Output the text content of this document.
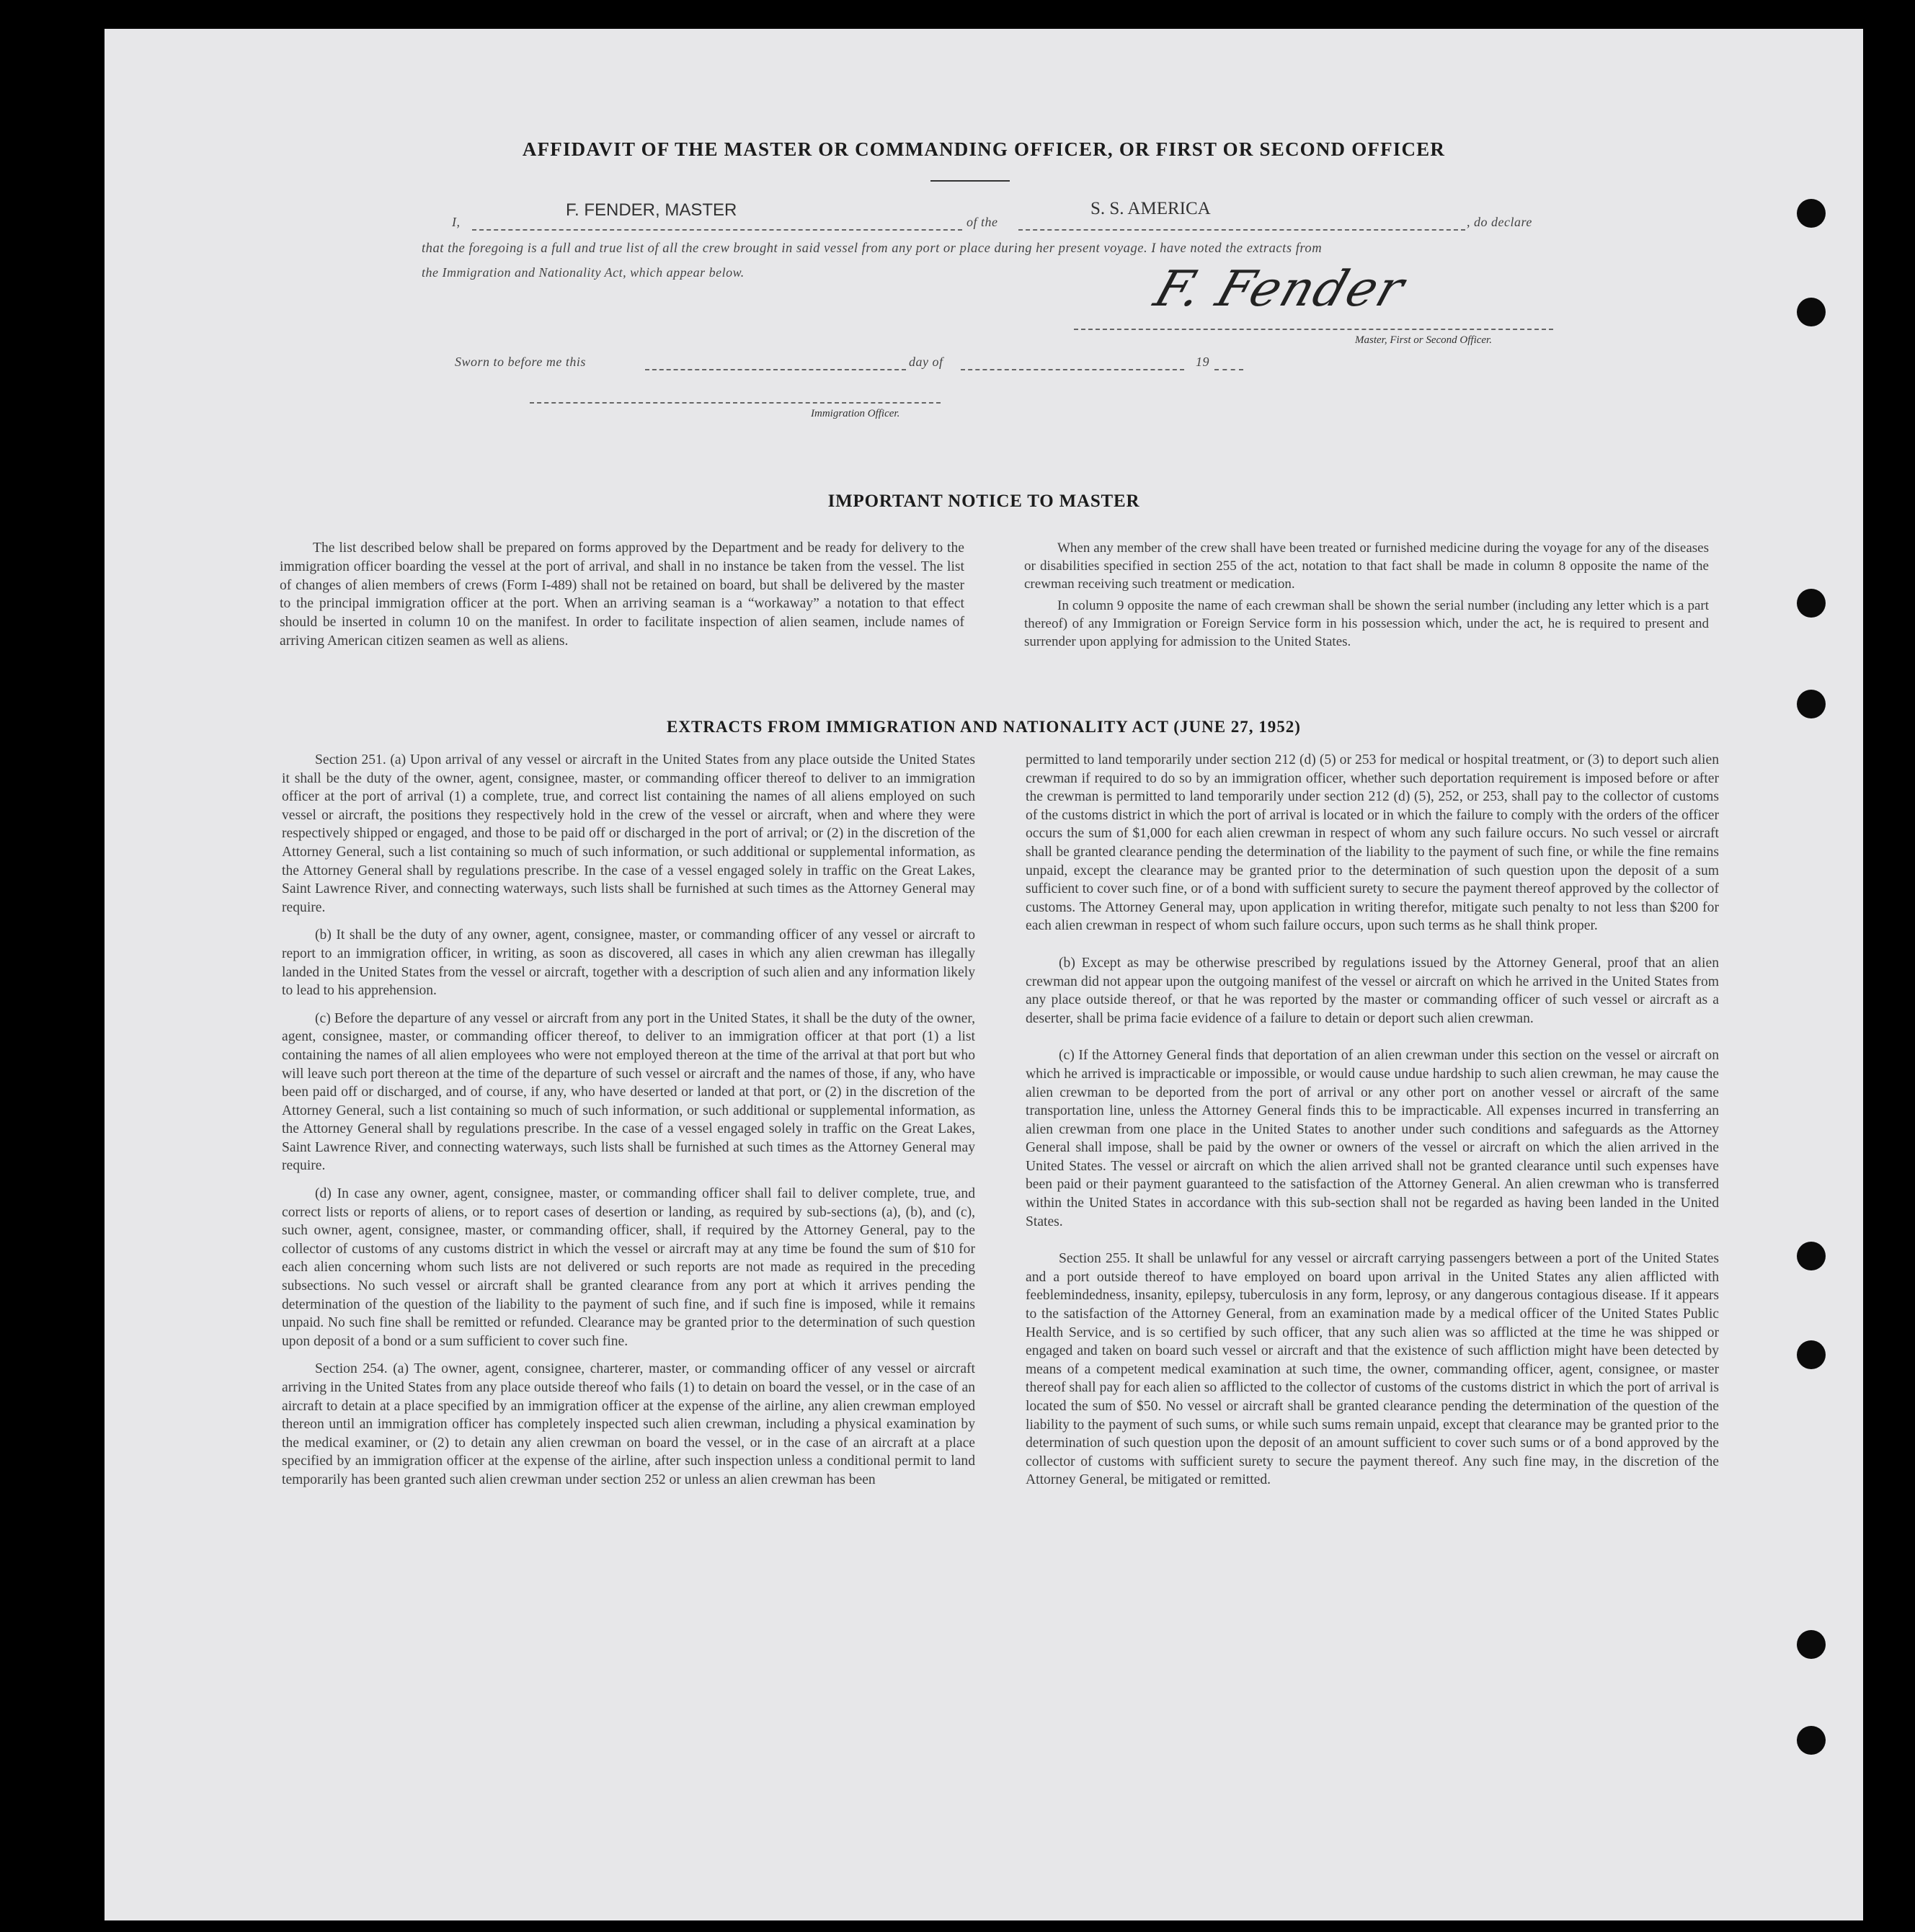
AFFIDAVIT OF THE MASTER OR COMMANDING OFFICER, OR FIRST OR SECOND OFFICER
I,
F. FENDER, MASTER
of the
S. S. AMERICA
, do declare
that the foregoing is a full and true list of all the crew brought in said vessel from any port or place during her present voyage. I have noted the extracts from
the Immigration and Nationality Act, which appear below.	F. Fender
Master, First or Second Officer.
Sworn to before me this	day of	19
Immigration Officer.
IMPORTANT NOTICE TO MASTER

The list described below shall be prepared on forms approved by the Department and be ready for delivery to the immigration officer boarding the vessel at the port of arrival, and shall in no instance be taken from the vessel. The list of changes of alien members of crews (Form I-489) shall not be retained on board, but shall be delivered by the master to the principal immigration officer at the port. When an arriving seaman is a “workaway” a notation to that effect should be inserted in column 10 on the manifest. In order to facilitate inspection of alien seamen, include names of arriving American citizen seamen as well as aliens.

When any member of the crew shall have been treated or furnished medicine during the voyage for any of the diseases or disabilities specified in section 255 of the act, notation to that fact shall be made in column 8 opposite the name of the crewman receiving such treatment or medication.

In column 9 opposite the name of each crewman shall be shown the serial number (including any letter which is a part thereof) of any Immigration or Foreign Service form in his possession which, under the act, he is required to present and surrender upon applying for admission to the United States.

EXTRACTS FROM IMMIGRATION AND NATIONALITY ACT (JUNE 27, 1952)

Section 251. (a) Upon arrival of any vessel or aircraft in the United States from any place outside the United States it shall be the duty of the owner, agent, consignee, master, or commanding officer thereof to deliver to an immigration officer at the port of arrival (1) a complete, true, and correct list containing the names of all aliens employed on such vessel or aircraft, the positions they respectively hold in the crew of the vessel or aircraft, when and where they were respectively shipped or engaged, and those to be paid off or discharged in the port of arrival; or (2) in the discretion of the Attorney General, such a list containing so much of such information, or such additional or supplemental information, as the Attorney General shall by regulations prescribe. In the case of a vessel engaged solely in traffic on the Great Lakes, Saint Lawrence River, and connecting waterways, such lists shall be furnished at such times as the Attorney General may require.

(b) It shall be the duty of any owner, agent, consignee, master, or commanding officer of any vessel or aircraft to report to an immigration officer, in writing, as soon as discovered, all cases in which any alien crewman has illegally landed in the United States from the vessel or aircraft, together with a description of such alien and any information likely to lead to his apprehension.

(c) Before the departure of any vessel or aircraft from any port in the United States, it shall be the duty of the owner, agent, consignee, master, or commanding officer thereof, to deliver to an immigration officer at that port (1) a list containing the names of all alien employees who were not employed thereon at the time of the arrival at that port but who will leave such port thereon at the time of the departure of such vessel or aircraft and the names of those, if any, who have been paid off or discharged, and of course, if any, who have deserted or landed at that port, or (2) in the discretion of the Attorney General, such a list containing so much of such information, or such additional or supplemental information, as the Attorney General shall by regulations prescribe. In the case of a vessel engaged solely in traffic on the Great Lakes, Saint Lawrence River, and connecting waterways, such lists shall be furnished at such times as the Attorney General may require.

(d) In case any owner, agent, consignee, master, or commanding officer shall fail to deliver complete, true, and correct lists or reports of aliens, or to report cases of desertion or landing, as required by sub-sections (a), (b), and (c), such owner, agent, consignee, master, or commanding officer, shall, if required by the Attorney General, pay to the collector of customs of any customs district in which the vessel or aircraft may at any time be found the sum of $10 for each alien concerning whom such lists are not delivered or such reports are not made as required in the preceding subsections. No such vessel or aircraft shall be granted clearance from any port at which it arrives pending the determination of the question of the liability to the payment of such fine, and if such fine is imposed, while it remains unpaid. No such fine shall be remitted or refunded. Clearance may be granted prior to the determination of such question upon deposit of a bond or a sum sufficient to cover such fine.

Section 254. (a) The owner, agent, consignee, charterer, master, or commanding officer of any vessel or aircraft arriving in the United States from any place outside thereof who fails (1) to detain on board the vessel, or in the case of an aircraft to detain at a place specified by an immigration officer at the expense of the airline, any alien crewman employed thereon until an immigration officer has completely inspected such alien crewman, including a physical examination by the medical examiner, or (2) to detain any alien crewman on board the vessel, or in the case of an aircraft at a place specified by an immigration officer at the expense of the airline, after such inspection unless a conditional permit to land temporarily has been granted such alien crewman under section 252 or unless an alien crewman has been

permitted to land temporarily under section 212 (d) (5) or 253 for medical or hospital treatment, or (3) to deport such alien crewman if required to do so by an immigration officer, whether such deportation requirement is imposed before or after the crewman is permitted to land temporarily under section 212 (d) (5), 252, or 253, shall pay to the collector of customs of the customs district in which the port of arrival is located or in which the failure to comply with the orders of the officer occurs the sum of $1,000 for each alien crewman in respect of whom any such failure occurs. No such vessel or aircraft shall be granted clearance pending the determination of the liability to the payment of such fine, or while the fine remains unpaid, except the clearance may be granted prior to the determination of such question upon the deposit of a sum sufficient to cover such fine, or of a bond with sufficient surety to secure the payment thereof approved by the collector of customs. The Attorney General may, upon application in writing therefor, mitigate such penalty to not less than $200 for each alien crewman in respect of whom such failure occurs, upon such terms as he shall think proper.

(b) Except as may be otherwise prescribed by regulations issued by the Attorney General, proof that an alien crewman did not appear upon the outgoing manifest of the vessel or aircraft on which he arrived in the United States from any place outside thereof, or that he was reported by the master or commanding officer of such vessel or aircraft as a deserter, shall be prima facie evidence of a failure to detain or deport such alien crewman.

(c) If the Attorney General finds that deportation of an alien crewman under this section on the vessel or aircraft on which he arrived is impracticable or impossible, or would cause undue hardship to such alien crewman, he may cause the alien crewman to be deported from the port of arrival or any other port on another vessel or aircraft of the same transportation line, unless the Attorney General finds this to be impracticable. All expenses incurred in transferring an alien crewman from one place in the United States to another under such conditions and safeguards as the Attorney General shall impose, shall be paid by the owner or owners of the vessel or aircraft on which the alien arrived in the United States. The vessel or aircraft on which the alien arrived shall not be granted clearance until such expenses have been paid or their payment guaranteed to the satisfaction of the Attorney General. An alien crewman who is transferred within the United States in accordance with this sub-section shall not be regarded as having been landed in the United States.

Section 255. It shall be unlawful for any vessel or aircraft carrying passengers between a port of the United States and a port outside thereof to have employed on board upon arrival in the United States any alien afflicted with feeblemindedness, insanity, epilepsy, tuberculosis in any form, leprosy, or any dangerous contagious disease. If it appears to the satisfaction of the Attorney General, from an examination made by a medical officer of the United States Public Health Service, and is so certified by such officer, that any such alien was so afflicted at the time he was shipped or engaged and taken on board such vessel or aircraft and that the existence of such affliction might have been detected by means of a competent medical examination at such time, the owner, commanding officer, agent, consignee, or master thereof shall pay for each alien so afflicted to the collector of customs of the customs district in which the port of arrival is located the sum of $50. No vessel or aircraft shall be granted clearance pending the determination of the question of the liability to the payment of such sums, or while such sums remain unpaid, except that clearance may be granted prior to the determination of such question upon the deposit of an amount sufficient to cover such sums or of a bond approved by the collector of customs with sufficient surety to secure the payment thereof. Any such fine may, in the discretion of the Attorney General, be mitigated or remitted.
